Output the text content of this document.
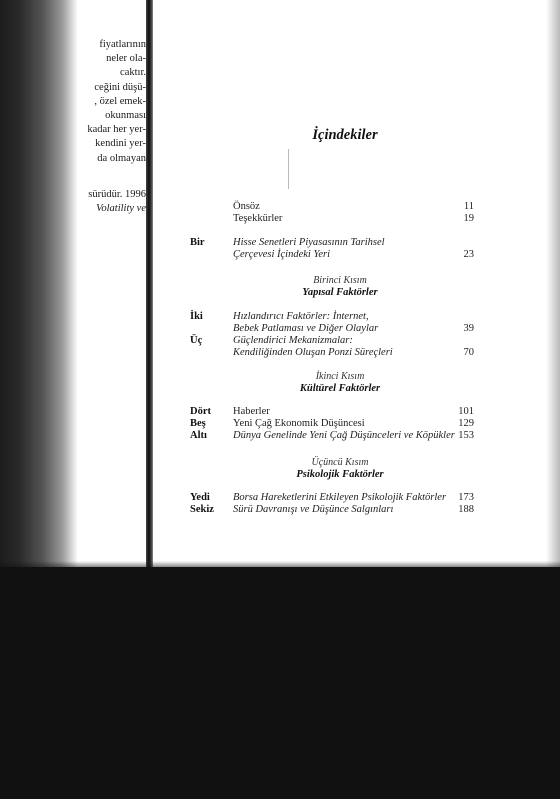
fiyatlarının
neler ola-
caktır.
ceğini düşü-
, özel emek-
okunması
kadar her yer-
kendini yer-
da olmayan
sürüdür. 1996
Volatility ve
İçindekiler
Önsöz	11
Teşekkürler	19
Bir	Hisse Senetleri Piyasasının Tarihsel
Çerçevesi İçindeki Yeri	23
Birinci Kısım
Yapısal Faktörler
İki	Hızlandırıcı Faktörler: İnternet,
Bebek Patlaması ve Diğer Olaylar	39
Üç	Güçlendirici Mekanizmalar:
Kendiliğinden Oluşan Ponzi Süreçleri	70
İkinci Kısım
Kültürel Faktörler
Dört Haberler	101
Beş	Yeni Çağ Ekonomik Düşüncesi	129
Altı Dünya Genelinde Yeni Çağ Düşünceleri ve Köpükler 153
Üçüncü Kısım
Psikolojik Faktörler
Yedi Borsa Hareketlerini Etkileyen Psikolojik Faktörler 173
Sekiz Sürü Davranışı ve Düşünce Salgınları	188
